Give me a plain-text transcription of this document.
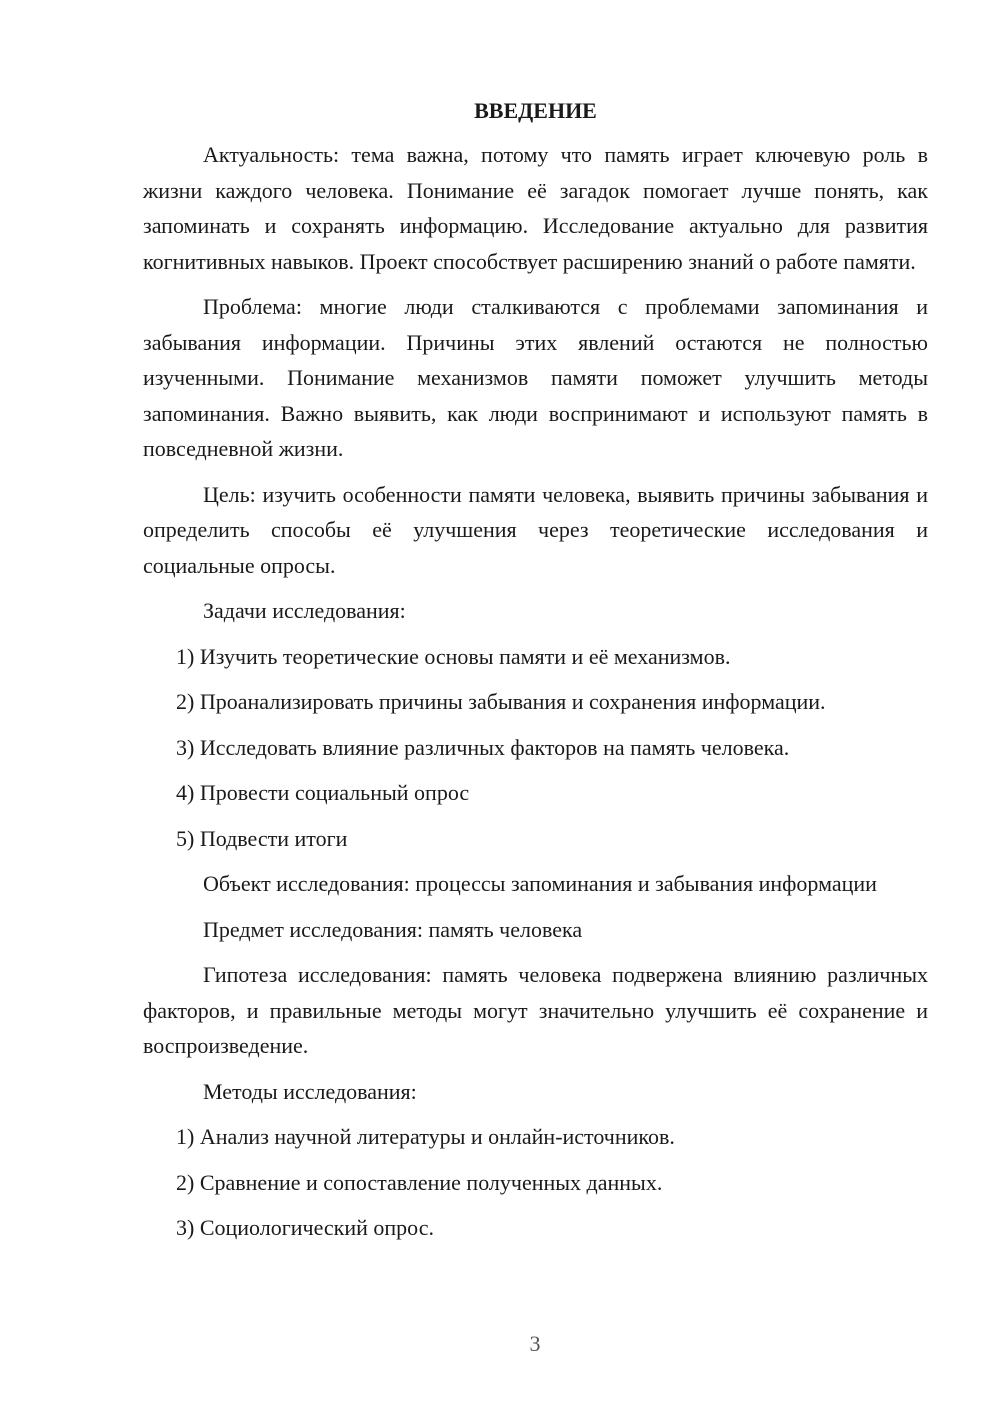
ВВЕДЕНИЕ

Актуальность: тема важна, потому что память играет ключевую роль в жизни каждого человека. Понимание её загадок помогает лучше понять, как запоминать и сохранять информацию. Исследование актуально для развития когнитивных навыков. Проект способствует расширению знаний о работе памяти.

Проблема: многие люди сталкиваются с проблемами запоминания и забывания информации. Причины этих явлений остаются не полностью изученными. Понимание механизмов памяти поможет улучшить методы запоминания. Важно выявить, как люди воспринимают и используют память в повседневной жизни.

Цель: изучить особенности памяти человека, выявить причины забывания и определить способы её улучшения через теоретические исследования и социальные опросы.

Задачи исследования:

1) Изучить теоретические основы памяти и её механизмов.
2) Проанализировать причины забывания и сохранения информации.
3) Исследовать влияние различных факторов на память человека.
4) Провести социальный опрос
5) Подвести итоги

Объект исследования: процессы запоминания и забывания информации

Предмет исследования: память человека

Гипотеза исследования: память человека подвержена влиянию различных факторов, и правильные методы могут значительно улучшить её сохранение и воспроизведение.

Методы исследования:

1) Анализ научной литературы и онлайн-источников.
2) Сравнение и сопоставление полученных данных.
3) Социологический опрос.
3
